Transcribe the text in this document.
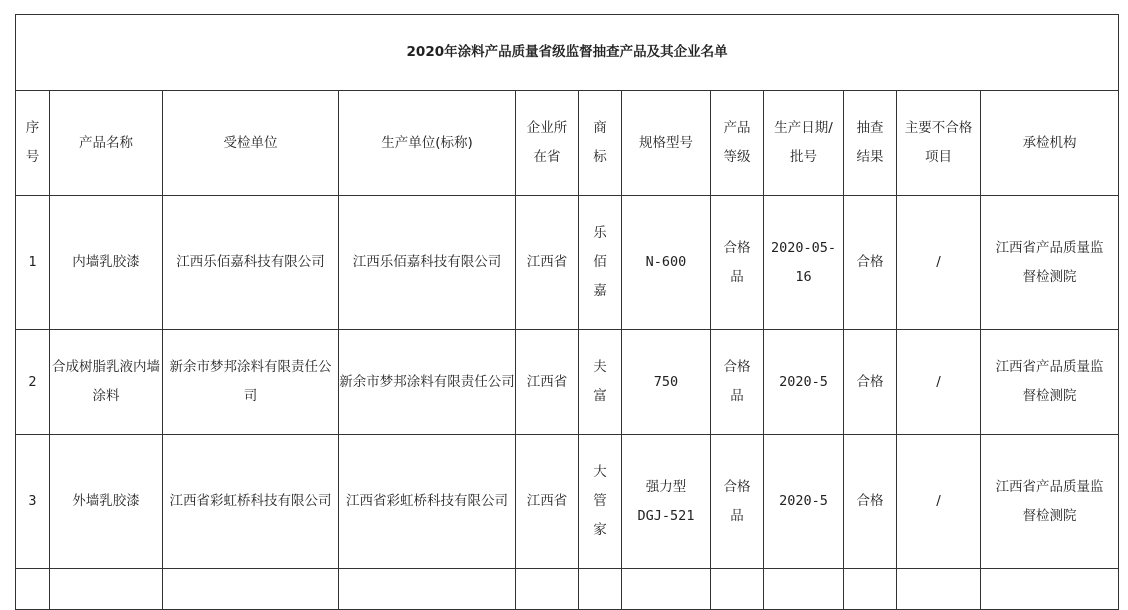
2020年涂料产品质量省级监督抽查产品及其企业名单											

序号	产品名称	受检单位	生产单位(标称)	企业所在省	商标	规格型号	产品等级	生产日期/批号	抽查结果	主要不合格项目	承检机构

1	内墙乳胶漆	江西乐佰嘉科技有限公司	江西乐佰嘉科技有限公司	江西省	乐佰嘉	N-600	合格品	2020-05-16	合格	/	江西省产品质量监督检测院

2	合成树脂乳液内墙涂料	新余市梦邦涂料有限责任公司	新余市梦邦涂料有限责任公司	江西省	夫富	750	合格品	2020-5	合格	/	江西省产品质量监督检测院

3	外墙乳胶漆	江西省彩虹桥科技有限公司	江西省彩虹桥科技有限公司	江西省	大管家	强力型DGJ-521	合格品	2020-5	合格	/	江西省产品质量监督检测院
